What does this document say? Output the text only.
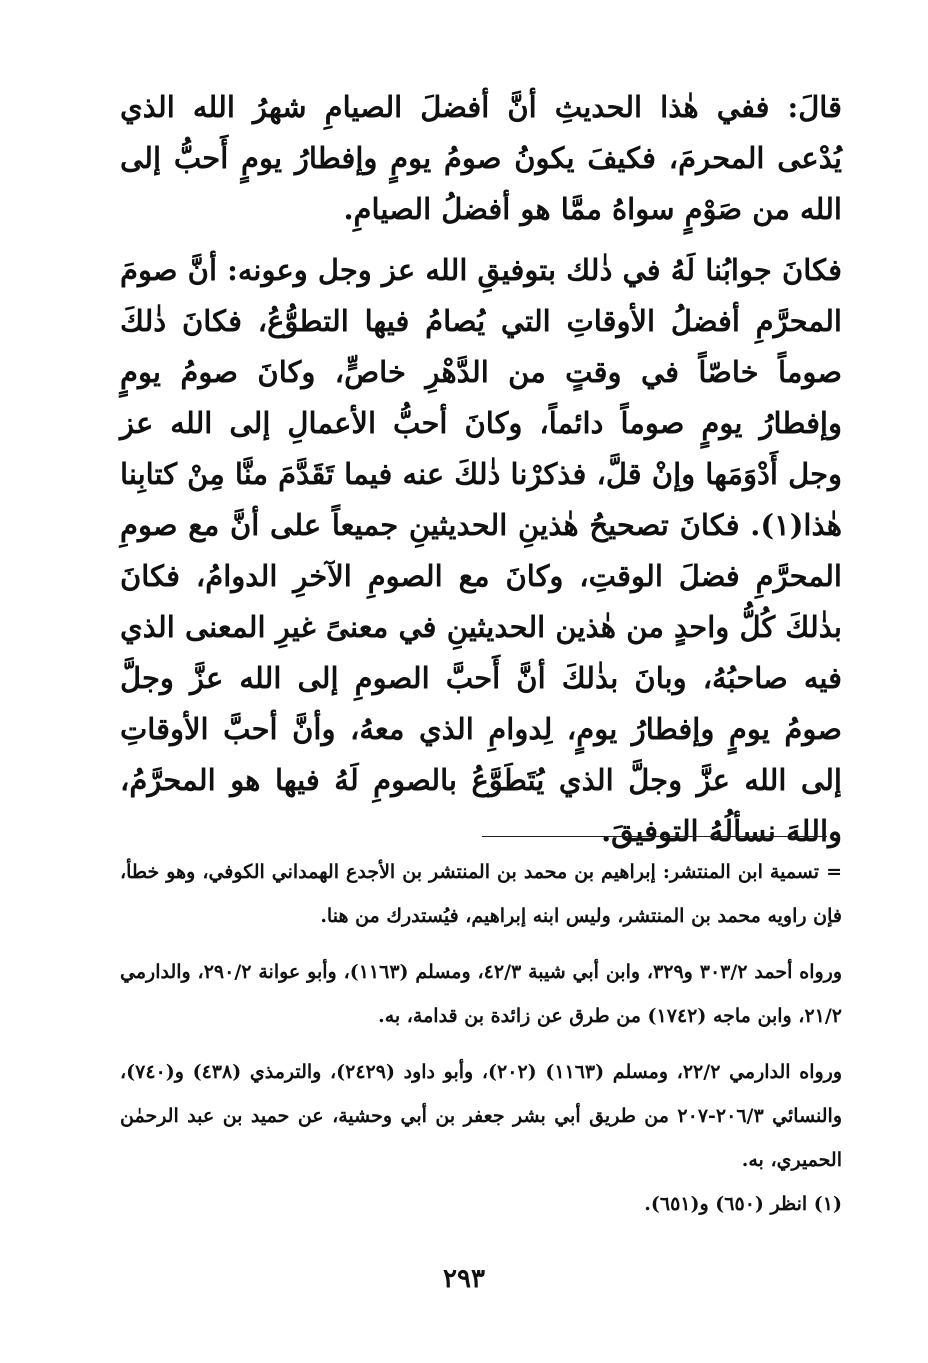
قالَ: ففي هٰذا الحديثِ أنَّ أفضلَ الصيامِ شهرُ الله الذي يُدْعى المحرمَ، فكيفَ يكونُ صومُ يومٍ وإفطارُ يومٍ أَحبُّ إلى الله من صَوْمٍ سواهُ ممَّا هو أفضلُ الصيامِ.

فكانَ جوابُنا لَهُ في ذٰلك بتوفيقِ الله عز وجل وعونه: أنَّ صومَ المحرَّمِ أفضلُ الأوقاتِ التي يُصامُ فيها التطوُّعُ، فكانَ ذٰلكَ صوماً خاصّاً في وقتٍ من الدَّهْرِ خاصٍّ، وكانَ صومُ يومٍ وإفطارُ يومٍ صوماً دائماً، وكانَ أحبُّ الأعمالِ إلى الله عز وجل أَدْوَمَها وإنْ قلَّ، فذكرْنا ذٰلكَ عنه فيما تَقَدَّمَ منَّا مِنْ كتابِنا هٰذا(١). فكانَ تصحيحُ هٰذينِ الحديثينِ جميعاً على أنَّ مع صومِ المحرَّمِ فضلَ الوقتِ، وكانَ مع الصومِ الآخرِ الدوامُ، فكانَ بذٰلكَ كُلُّ واحدٍ من هٰذين الحديثينِ في معنىً غيرِ المعنى الذي فيه صاحبُهُ، وبانَ بذٰلكَ أنَّ أَحبَّ الصومِ إلى الله عزَّ وجلَّ صومُ يومٍ وإفطارُ يومٍ، لِدوامِ الذي معهُ، وأنَّ أحبَّ الأوقاتِ إلى الله عزَّ وجلَّ الذي يُتَطَوَّعُ بالصومِ لَهُ فيها هو المحرَّمُ، واللهَ نسألُهُ التوفيقَ.

= تسمية ابن المنتشر: إبراهيم بن محمد بن المنتشر بن الأجدع الهمداني الكوفي، وهو خطأ، فإن راويه محمد بن المنتشر، وليس ابنه إبراهيم، فيُستدرك من هنا.

ورواه أحمد ٣٠٣/٢ و٣٢٩، وابن أبي شيبة ٤٢/٣، ومسلم (١١٦٣)، وأبو عوانة ٢٩٠/٢، والدارمي ٢١/٢، وابن ماجه (١٧٤٢) من طرق عن زائدة بن قدامة، به.

ورواه الدارمي ٢٢/٢، ومسلم (١١٦٣) (٢٠٢)، وأبو داود (٢٤٢٩)، والترمذي (٤٣٨) و(٧٤٠)، والنسائي ٢٠٦/٣-٢٠٧ من طريق أبي بشر جعفر بن أبي وحشية، عن حميد بن عبد الرحمٰن الحميري، به.

(١) انظر (٦٥٠) و(٦٥١).

٢٩٣
